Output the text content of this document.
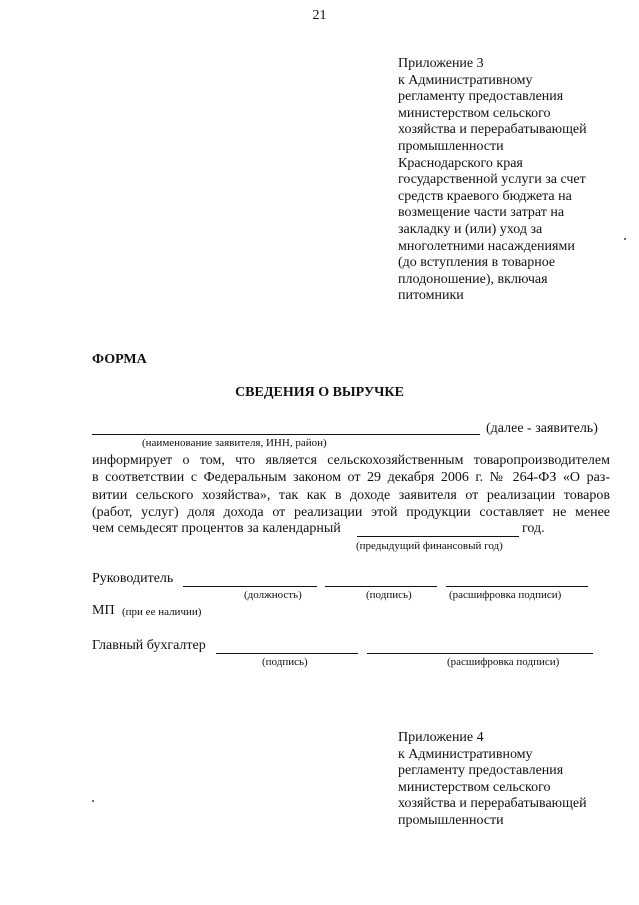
21
Приложение 3
к Административному
регламенту предоставления
министерством сельского
хозяйства и перерабатывающей
промышленности
Краснодарского края
государственной услуги за счет
средств краевого бюджета на
возмещение части затрат на
закладку и (или) уход за
многолетними насаждениями
(до вступления в товарное
плодоношение), включая
питомники
ФОРМА
СВЕДЕНИЯ О ВЫРУЧКЕ
(далее - заявитель)
(наименование заявителя, ИНН, район)
информирует о том, что является сельскохозяйственным товаропроизводителем
в соответствии с Федеральным законом от 29 декабря 2006 г. № 264-ФЗ «О раз-
витии сельского хозяйства», так как в доходе заявителя от реализации товаров
(работ, услуг) доля дохода от реализации этой продукции составляет не менее
чем семьдесят процентов за календарный	год.
(предыдущий финансовый год)
Руководитель
(должность)	(подпись)	(расшифровка подписи)
МП (при ее наличии)
Главный бухгалтер
(подпись)	(расшифровка подписи)
Приложение 4
к Административному
регламенту предоставления
министерством сельского
хозяйства и перерабатывающей
промышленности
